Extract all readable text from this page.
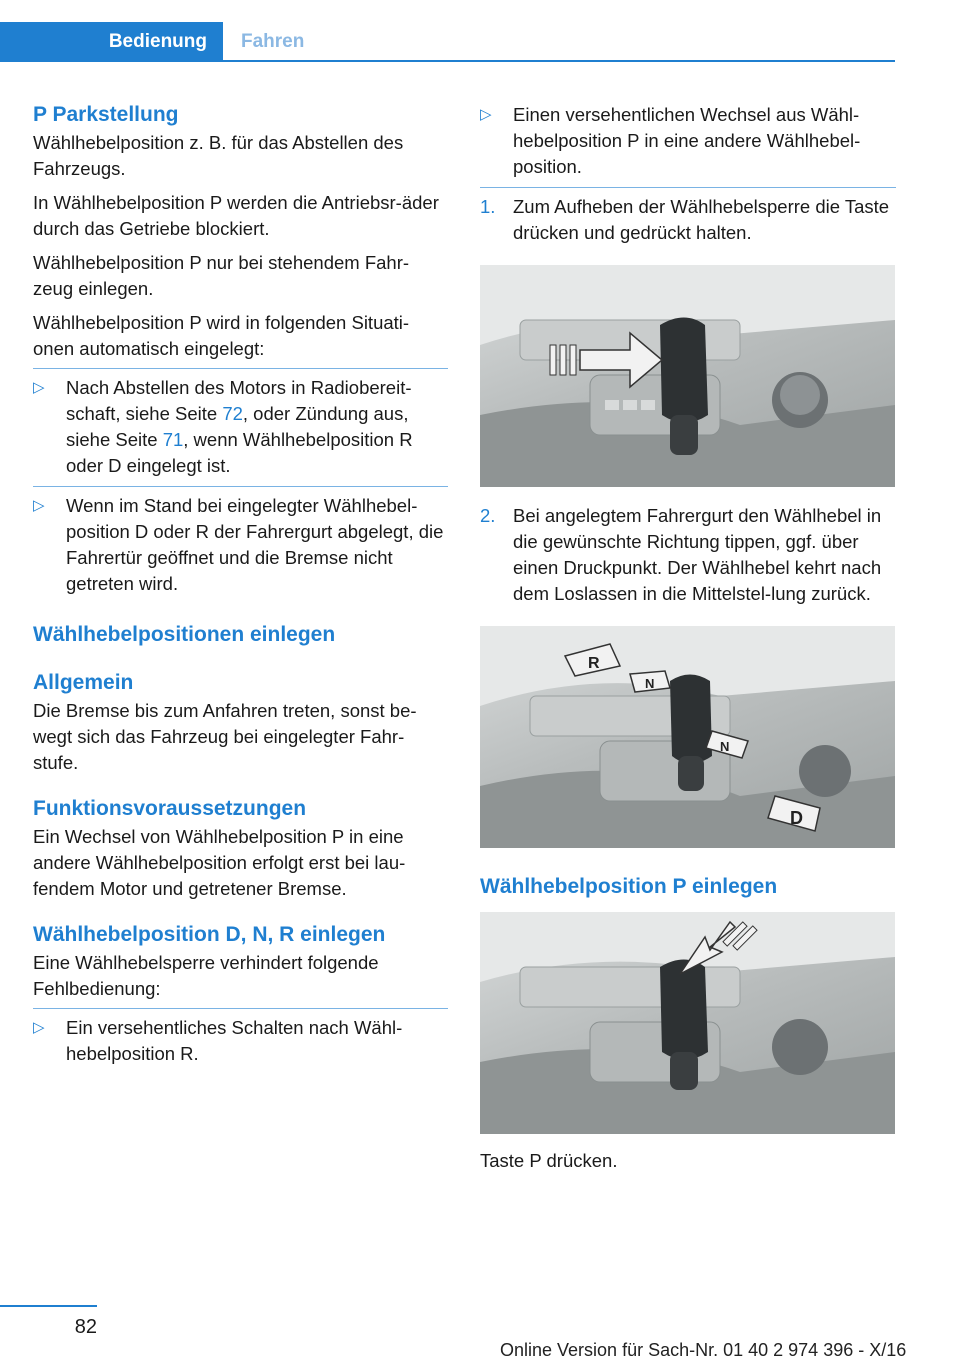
Bedienung	Fahren
P Parkstellung

Wählhebelposition z. B. für das Abstellen des Fahrzeugs.

In Wählhebelposition P werden die Antriebsr‐äder durch das Getriebe blockiert.

Wählhebelposition P nur bei stehendem Fahr‐zeug einlegen.

Wählhebelposition P wird in folgenden Situati‐onen automatisch eingelegt:

▷	Nach Abstellen des Motors in Radiobereit‐schaft, siehe Seite 72, oder Zündung aus, siehe Seite 71, wenn Wählhebelposition R oder D eingelegt ist.
▷	Wenn im Stand bei eingelegter Wählhebel‐position D oder R der Fahrergurt abgelegt, die Fahrertür geöffnet und die Bremse nicht getreten wird.
Wählhebelpositionen einlegen
Allgemein

Die Bremse bis zum Anfahren treten, sonst be‐wegt sich das Fahrzeug bei eingelegter Fahr‐stufe.

Funktionsvoraussetzungen

Ein Wechsel von Wählhebelposition P in eine andere Wählhebelposition erfolgt erst bei lau‐fendem Motor und getretener Bremse.

Wählhebelposition D, N, R einlegen

Eine Wählhebelsperre verhindert folgende Fehlbedienung:

▷	Ein versehentliches Schalten nach Wähl‐hebelposition R.
▷	Einen versehentlichen Wechsel aus Wähl‐hebelposition P in eine andere Wählhebel‐position.
1. Zum Aufheben der Wählhebelsperre die Taste drücken und gedrückt halten.
2. Bei angelegtem Fahrergurt den Wählhebel in die gewünschte Richtung tippen, ggf. über einen Druckpunkt. Der Wählhebel kehrt nach dem Loslassen in die Mittelstel‐lung zurück.
R
N
N
D
Wählhebelposition P einlegen

Taste P drücken.

82
Online Version für Sach-Nr. 01 40 2 974 396 - X/16
